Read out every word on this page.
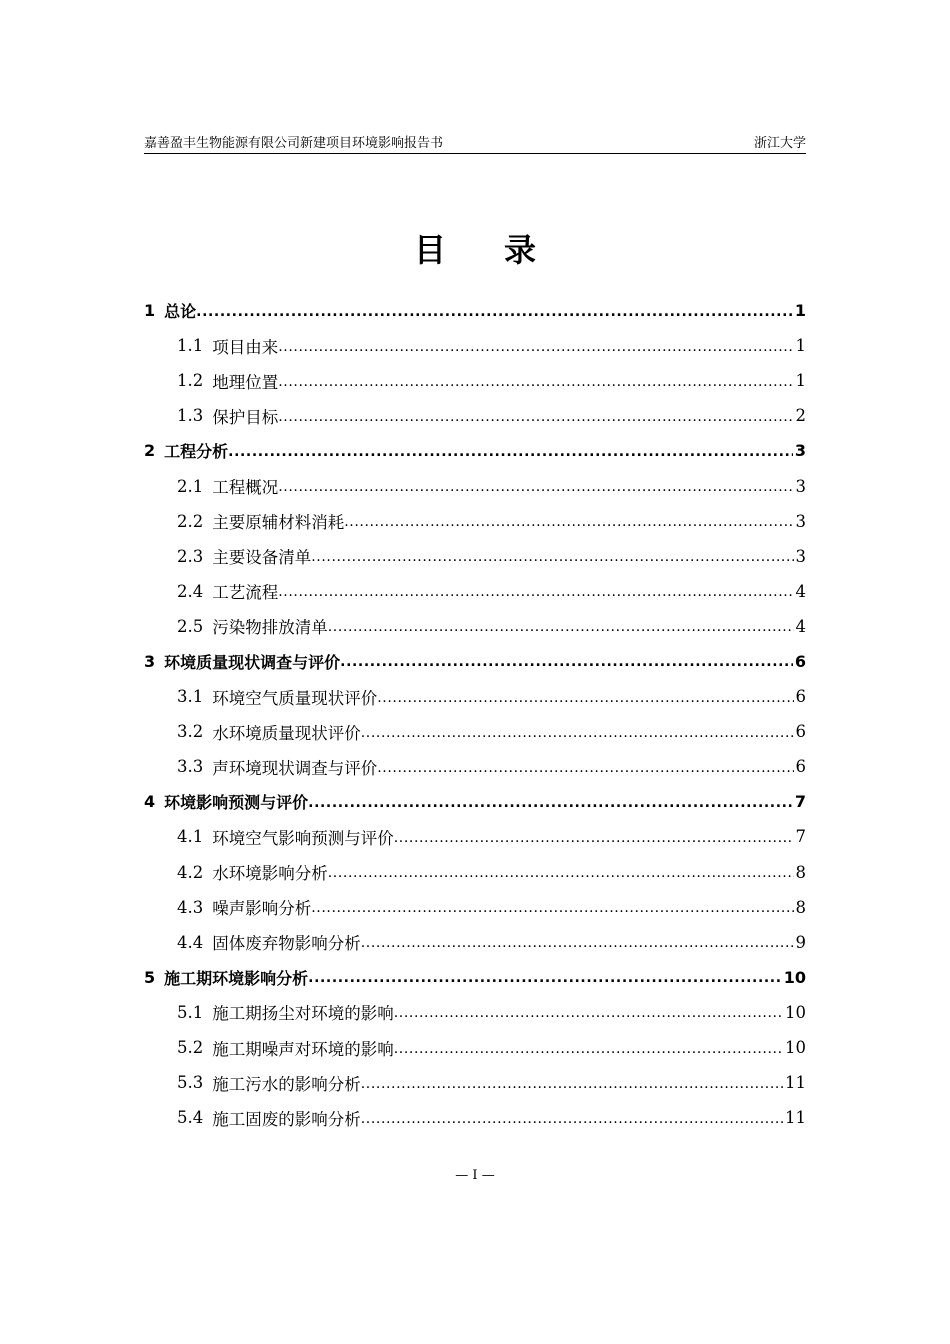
嘉善盈丰生物能源有限公司新建项目环境影响报告书	浙江大学
目录
1 总论 .....	1
1.1 项目由来 .....	1
1.2 地理位置 .....	1
1.3 保护目标 .....	2
2 工程分析 .....	3
2.1 工程概况 .....	3
2.2 主要原辅材料消耗 .....	3
2.3 主要设备清单 .....	3
2.4 工艺流程 .....	4
2.5 污染物排放清单 .....	4
3 环境质量现状调查与评价 .....	6
3.1 环境空气质量现状评价 .....	6
3.2 水环境质量现状评价 .....	6
3.3 声环境现状调查与评价 .....	6
4 环境影响预测与评价 .....	7
4.1 环境空气影响预测与评价 .....	7
4.2 水环境影响分析 .....	8
4.3 噪声影响分析 .....	8
4.4 固体废弃物影响分析 .....	9
5 施工期环境影响分析 .....	10
5.1 施工期扬尘对环境的影响 .....	10
5.2 施工期噪声对环境的影响 .....	10
5.3 施工污水的影响分析 .....	11
5.4 施工固废的影响分析 .....	11
— I —
